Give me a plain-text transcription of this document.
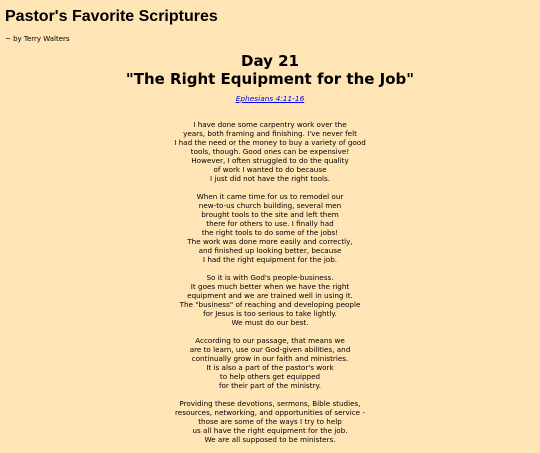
Pastor's Favorite Scriptures
~ by Terry Walters
Day 21
"The Right Equipment for the Job"
Ephesians 4:11-16
I have done some carpentry work over the
years, both framing and finishing. I've never felt
I had the need or the money to buy a variety of good
tools, though. Good ones can be expensive!
However, I often struggled to do the quality
of work I wanted to do because
I just did not have the right tools.
When it came time for us to remodel our
new-to-us church building, several men
brought tools to the site and left them
there for others to use. I finally had
the right tools to do some of the jobs!
The work was done more easily and correctly,
and finished up looking better, because
I had the right equipment for the job.
So it is with God's people-business.
It goes much better when we have the right
equipment and we are trained well in using it.
The "business" of reaching and developing people
for Jesus is too serious to take lightly.
We must do our best.
According to our passage, that means we
are to learn, use our God-given abilities, and
continually grow in our faith and ministries.
It is also a part of the pastor's work
to help others get equipped
for their part of the ministry.
Providing these devotions, sermons, Bible studies,
resources, networking, and opportunities of service -
those are some of the ways I try to help
us all have the right equipment for the job.
We are all supposed to be ministers.
